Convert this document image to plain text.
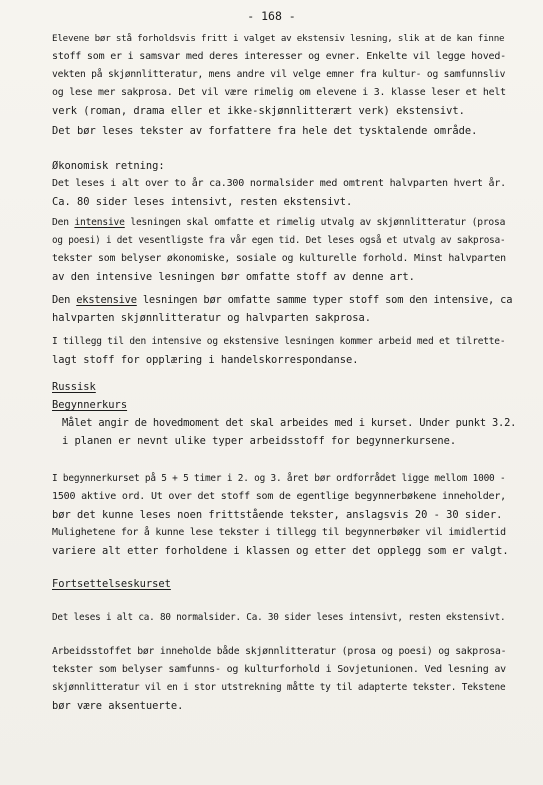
- 168 -
Elevene bør stå forholdsvis fritt i valget av ekstensiv lesning, slik at de kan finne
stoff som er i samsvar med deres interesser og evner. Enkelte vil legge hoved-
vekten på skjønnlitteratur, mens andre vil velge emner fra kultur- og samfunnsliv
og lese mer sakprosa. Det vil være rimelig om elevene i 3. klasse leser et helt
verk (roman, drama eller et ikke-skjønnlitterært verk) ekstensivt.
Det bør leses tekster av forfattere fra hele det tysktalende område.
Økonomisk retning:
Det leses i alt over to år ca.300 normalsider med omtrent halvparten hvert år.
Ca. 80 sider leses intensivt, resten ekstensivt.
Den intensive lesningen skal omfatte et rimelig utvalg av skjønnlitteratur (prosa
og poesi) i det vesentligste fra vår egen tid. Det leses også et utvalg av sakprosa-
tekster som belyser økonomiske, sosiale og kulturelle forhold. Minst halvparten
av den intensive lesningen bør omfatte stoff av denne art.
Den ekstensive lesningen bør omfatte samme typer stoff som den intensive, ca
halvparten skjønnlitteratur og halvparten sakprosa.
I tillegg til den intensive og ekstensive lesningen kommer arbeid med et tilrette-
lagt stoff for opplæring i handelskorrespondanse.
Russisk
Begynnerkurs
Målet angir de hovedmoment det skal arbeides med i kurset. Under punkt 3.2.
i planen er nevnt ulike typer arbeidsstoff for begynnerkursene.
I begynnerkurset på 5 + 5 timer i 2. og 3. året bør ordforrådet ligge mellom 1000 -
1500 aktive ord. Ut over det stoff som de egentlige begynnerbøkene inneholder,
bør det kunne leses noen frittstående tekster, anslagsvis 20 - 30 sider.
Mulighetene for å kunne lese tekster i tillegg til begynnerbøker vil imidlertid
variere alt etter forholdene i klassen og etter det opplegg som er valgt.
Fortsettelseskurset
Det leses i alt ca. 80 normalsider. Ca. 30 sider leses intensivt, resten ekstensivt.
Arbeidsstoffet bør inneholde både skjønnlitteratur (prosa og poesi) og sakprosa-
tekster som belyser samfunns- og kulturforhold i Sovjetunionen. Ved lesning av
skjønnlitteratur vil en i stor utstrekning måtte ty til adapterte tekster. Tekstene
bør være aksentuerte.
